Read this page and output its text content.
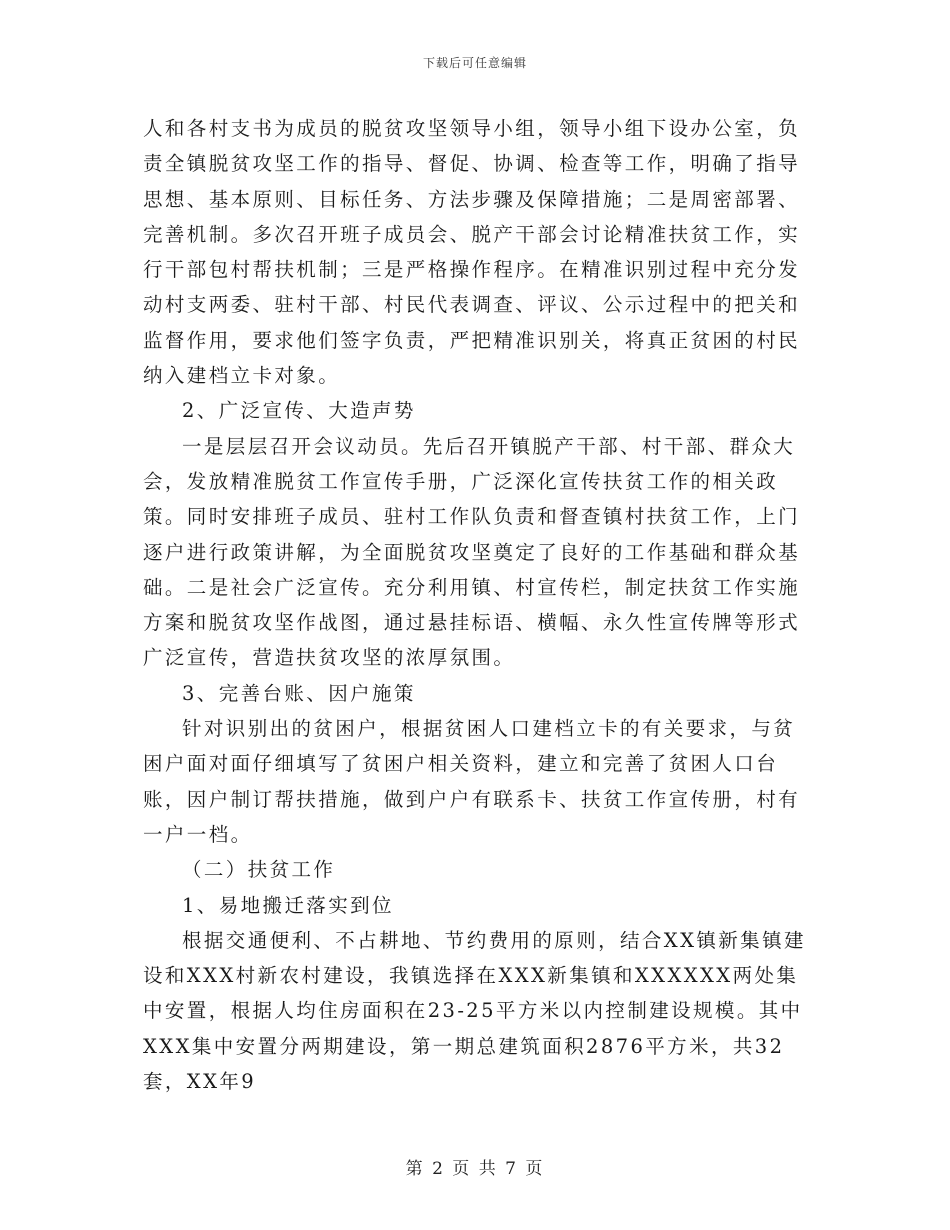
下载后可任意编辑

人和各村支书为成员的脱贫攻坚领导小组，领导小组下设办公室，负责全镇脱贫攻坚工作的指导、督促、协调、检查等工作，明确了指导思想、基本原则、目标任务、方法步骤及保障措施；二是周密部署、完善机制。多次召开班子成员会、脱产干部会讨论精准扶贫工作，实行干部包村帮扶机制；三是严格操作程序。在精准识别过程中充分发动村支两委、驻村干部、村民代表调查、评议、公示过程中的把关和监督作用，要求他们签字负责，严把精准识别关，将真正贫困的村民纳入建档立卡对象。

2、广泛宣传、大造声势

一是层层召开会议动员。先后召开镇脱产干部、村干部、群众大会，发放精准脱贫工作宣传手册，广泛深化宣传扶贫工作的相关政策。同时安排班子成员、驻村工作队负责和督查镇村扶贫工作，上门逐户进行政策讲解，为全面脱贫攻坚奠定了良好的工作基础和群众基础。二是社会广泛宣传。充分利用镇、村宣传栏，制定扶贫工作实施方案和脱贫攻坚作战图，通过悬挂标语、横幅、永久性宣传牌等形式广泛宣传，营造扶贫攻坚的浓厚氛围。

3、完善台账、因户施策

针对识别出的贫困户，根据贫困人口建档立卡的有关要求，与贫困户面对面仔细填写了贫困户相关资料，建立和完善了贫困人口台账，因户制订帮扶措施，做到户户有联系卡、扶贫工作宣传册，村有一户一档。

（二）扶贫工作

1、易地搬迁落实到位

根据交通便利、不占耕地、节约费用的原则，结合XX镇新集镇建设和XXX村新农村建设，我镇选择在XXX新集镇和XXXXXX两处集中安置，根据人均住房面积在23-25平方米以内控制建设规模。其中XXX集中安置分两期建设，第一期总建筑面积2876平方米，共32套，XX年9

第 2 页 共 7 页
